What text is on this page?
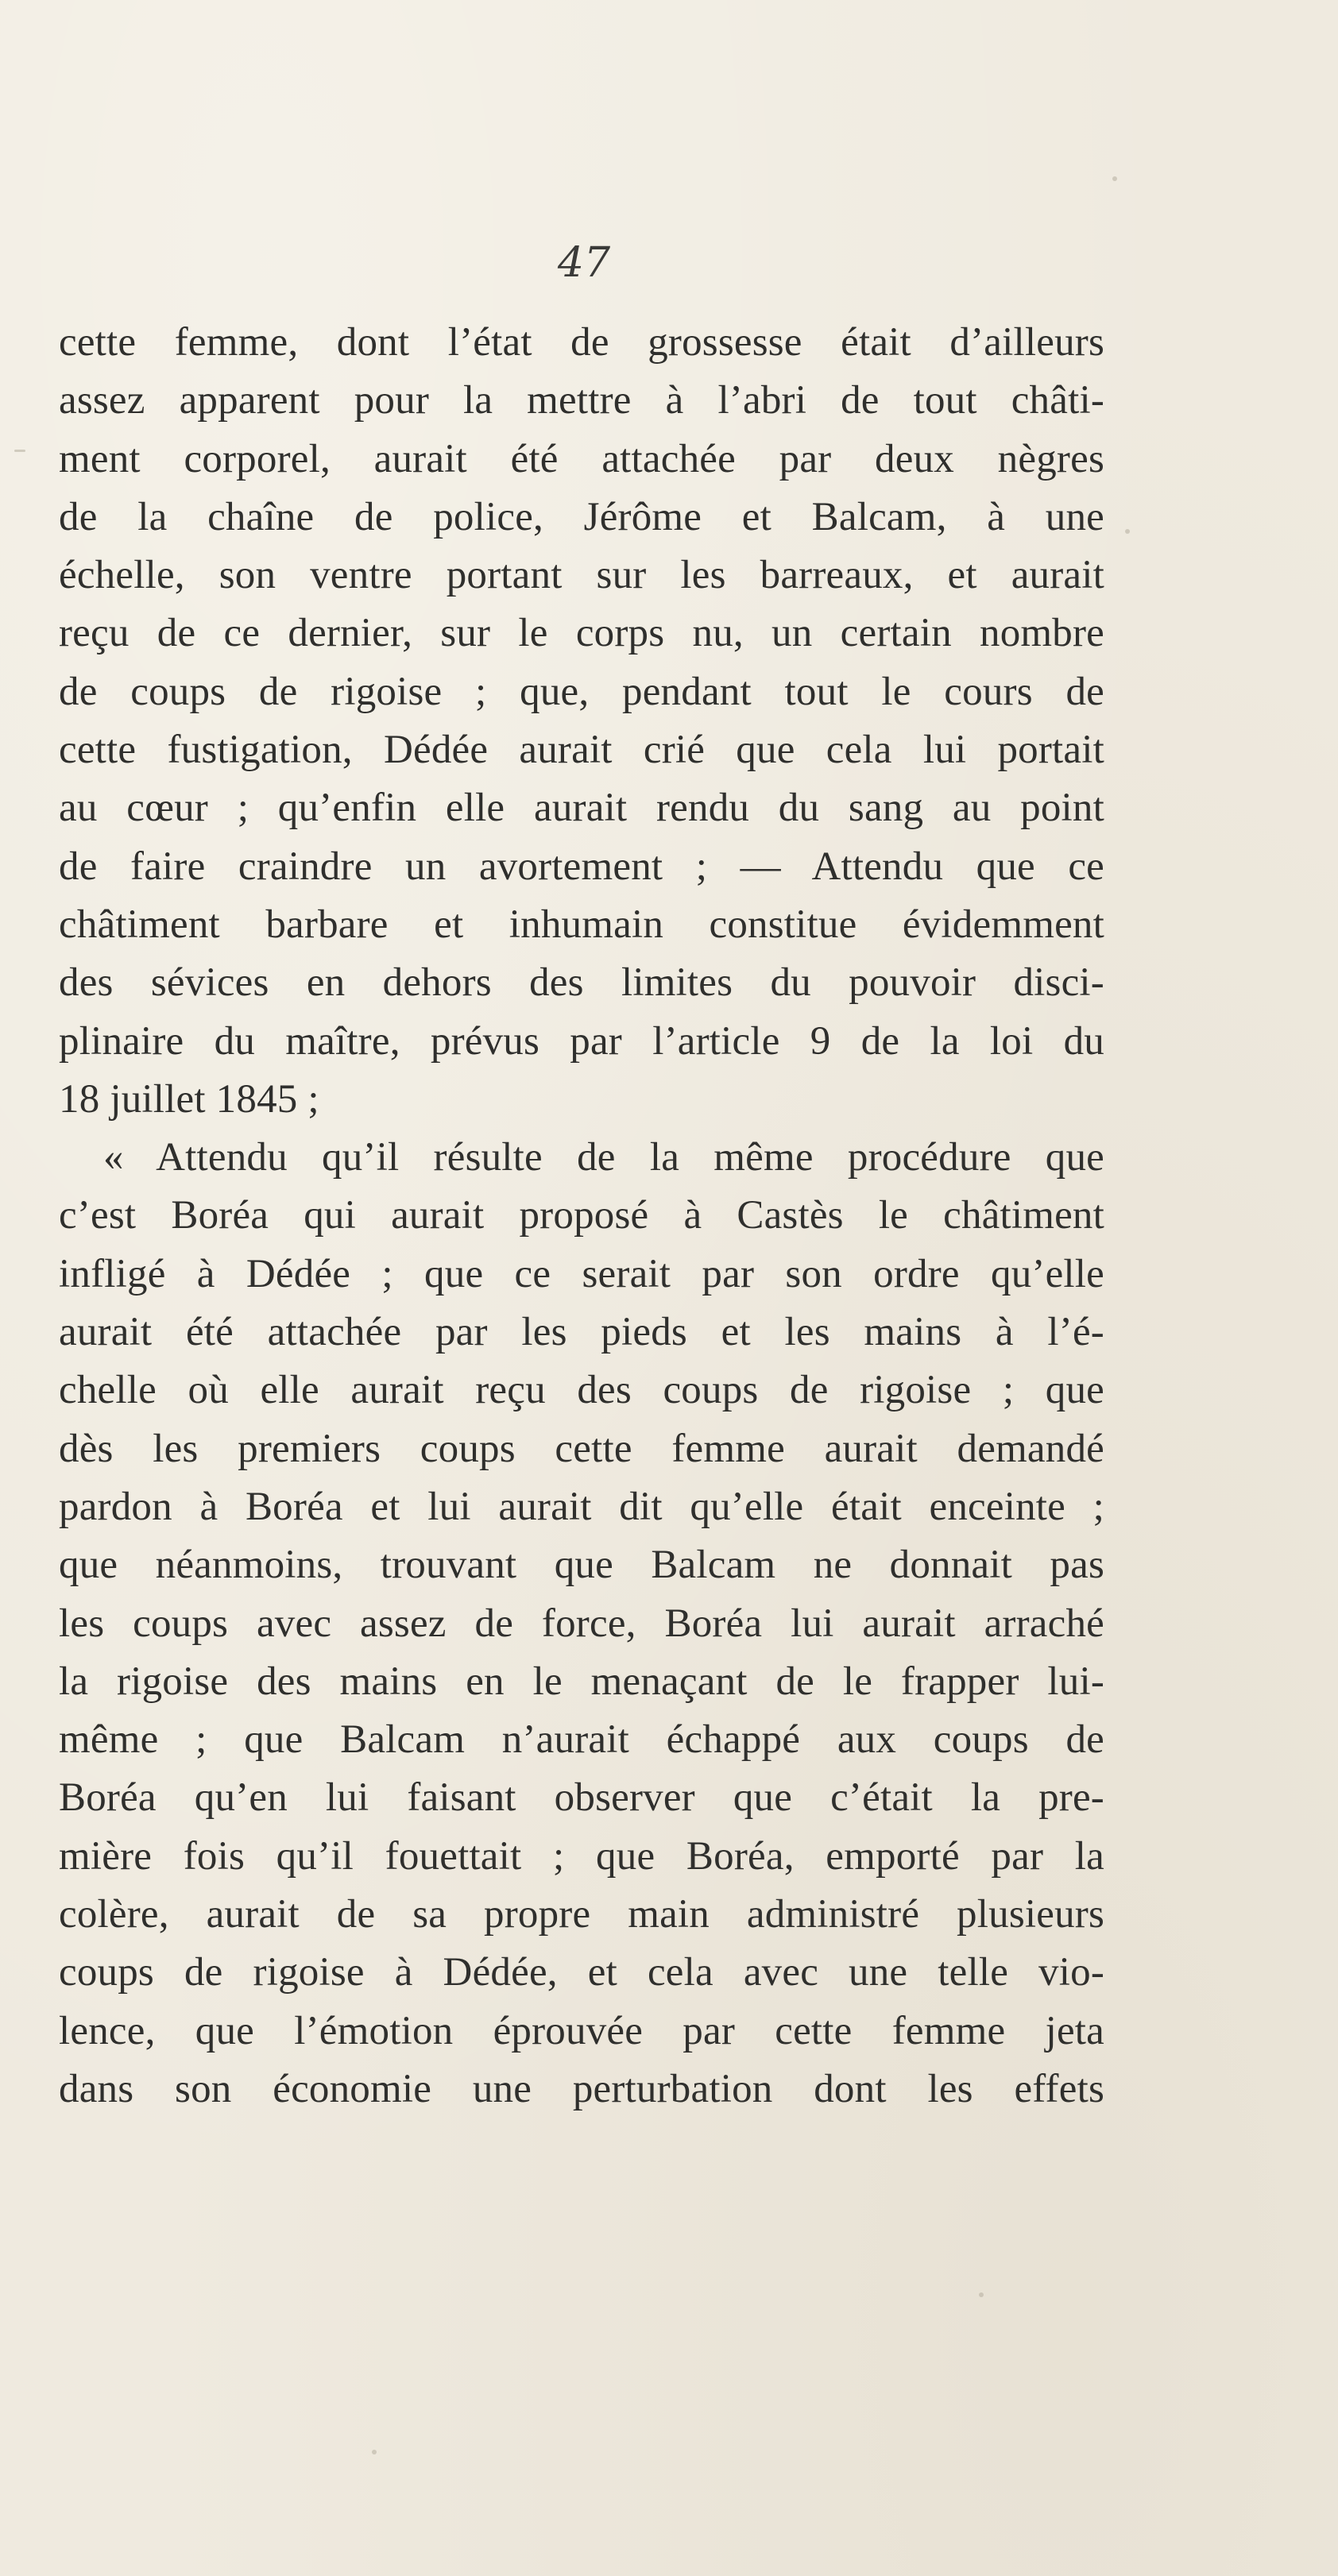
47
cette femme, dont l’état de grossesse était d’ailleurs
assez apparent pour la mettre à l’abri de tout châti-
ment corporel, aurait été attachée par deux nègres
de la chaîne de police, Jérôme et Balcam, à une
échelle, son ventre portant sur les barreaux, et aurait
reçu de ce dernier, sur le corps nu, un certain nombre
de coups de rigoise ; que, pendant tout le cours de
cette fustigation, Dédée aurait crié que cela lui portait
au cœur ; qu’enfin elle aurait rendu du sang au point
de faire craindre un avortement ; — Attendu que ce
châtiment barbare et inhumain constitue évidemment
des sévices en dehors des limites du pouvoir disci-
plinaire du maître, prévus par l’article 9 de la loi du
18 juillet 1845 ;
« Attendu qu’il résulte de la même procédure que
c’est Boréa qui aurait proposé à Castès le châtiment
infligé à Dédée ; que ce serait par son ordre qu’elle
aurait été attachée par les pieds et les mains à l’é-
chelle où elle aurait reçu des coups de rigoise ; que
dès les premiers coups cette femme aurait demandé
pardon à Boréa et lui aurait dit qu’elle était enceinte ;
que néanmoins, trouvant que Balcam ne donnait pas
les coups avec assez de force, Boréa lui aurait arraché
la rigoise des mains en le menaçant de le frapper lui-
même ; que Balcam n’aurait échappé aux coups de
Boréa qu’en lui faisant observer que c’était la pre-
mière fois qu’il fouettait ; que Boréa, emporté par la
colère, aurait de sa propre main administré plusieurs
coups de rigoise à Dédée, et cela avec une telle vio-
lence, que l’émotion éprouvée par cette femme jeta
dans son économie une perturbation dont les effets
